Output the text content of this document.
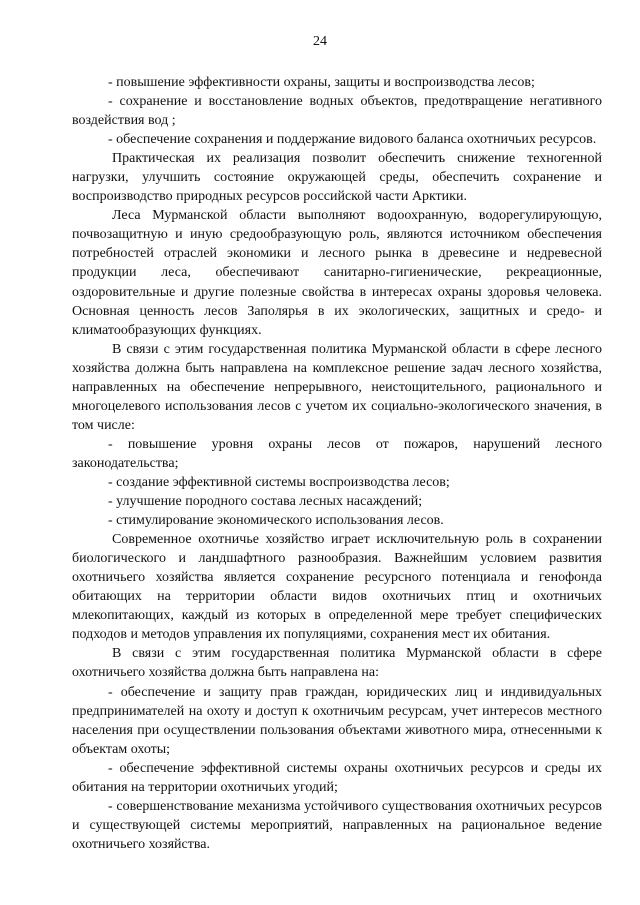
24

- повышение эффективности охраны, защиты и воспроизводства лесов;

- сохранение и восстановление водных объектов, предотвращение негативного воздействия вод ;

- обеспечение сохранения и поддержание видового баланса охотничьих ресурсов.

Практическая их реализация позволит обеспечить снижение техногенной нагрузки, улучшить состояние окружающей среды, обеспечить сохранение и воспроизводство природных ресурсов российской части Арктики.

Леса Мурманской области выполняют водоохранную, водорегулирующую, почвозащитную и иную средообразующую роль, являются источником обеспечения потребностей отраслей экономики и лесного рынка в древесине и недревесной продукции леса, обеспечивают санитарно-гигиенические, рекреационные, оздоровительные и другие полезные свойства в интересах охраны здоровья человека. Основная ценность лесов Заполярья в их экологических, защитных и средо- и климатообразующих функциях.

В связи с этим государственная политика Мурманской области в сфере лесного хозяйства должна быть направлена на комплексное решение задач лесного хозяйства, направленных на обеспечение непрерывного, неистощительного, рационального и многоцелевого использования лесов с учетом их социально-экологического значения, в том числе:

- повышение уровня охраны лесов от пожаров, нарушений лесного законодательства;

- создание эффективной системы воспроизводства лесов;

- улучшение породного состава лесных насаждений;

- стимулирование экономического использования лесов.

Современное охотничье хозяйство играет исключительную роль в сохранении биологического и ландшафтного разнообразия. Важнейшим условием развития охотничьего хозяйства является сохранение ресурсного потенциала и генофонда обитающих на территории области видов охотничьих птиц и охотничьих млекопитающих, каждый из которых в определенной мере требует специфических подходов и методов управления их популяциями, сохранения мест их обитания.

В связи с этим государственная политика Мурманской области в сфере охотничьего хозяйства должна быть направлена на:

- обеспечение и защиту прав граждан, юридических лиц и индивидуальных предпринимателей на охоту и доступ к охотничьим ресурсам, учет интересов местного населения при осуществлении пользования объектами животного мира, отнесенными к объектам охоты;

- обеспечение эффективной системы охраны охотничьих ресурсов и среды их обитания на территории охотничьих угодий;

- совершенствование механизма устойчивого существования охотничьих ресурсов и существующей системы мероприятий, направленных на рациональное ведение охотничьего хозяйства.
